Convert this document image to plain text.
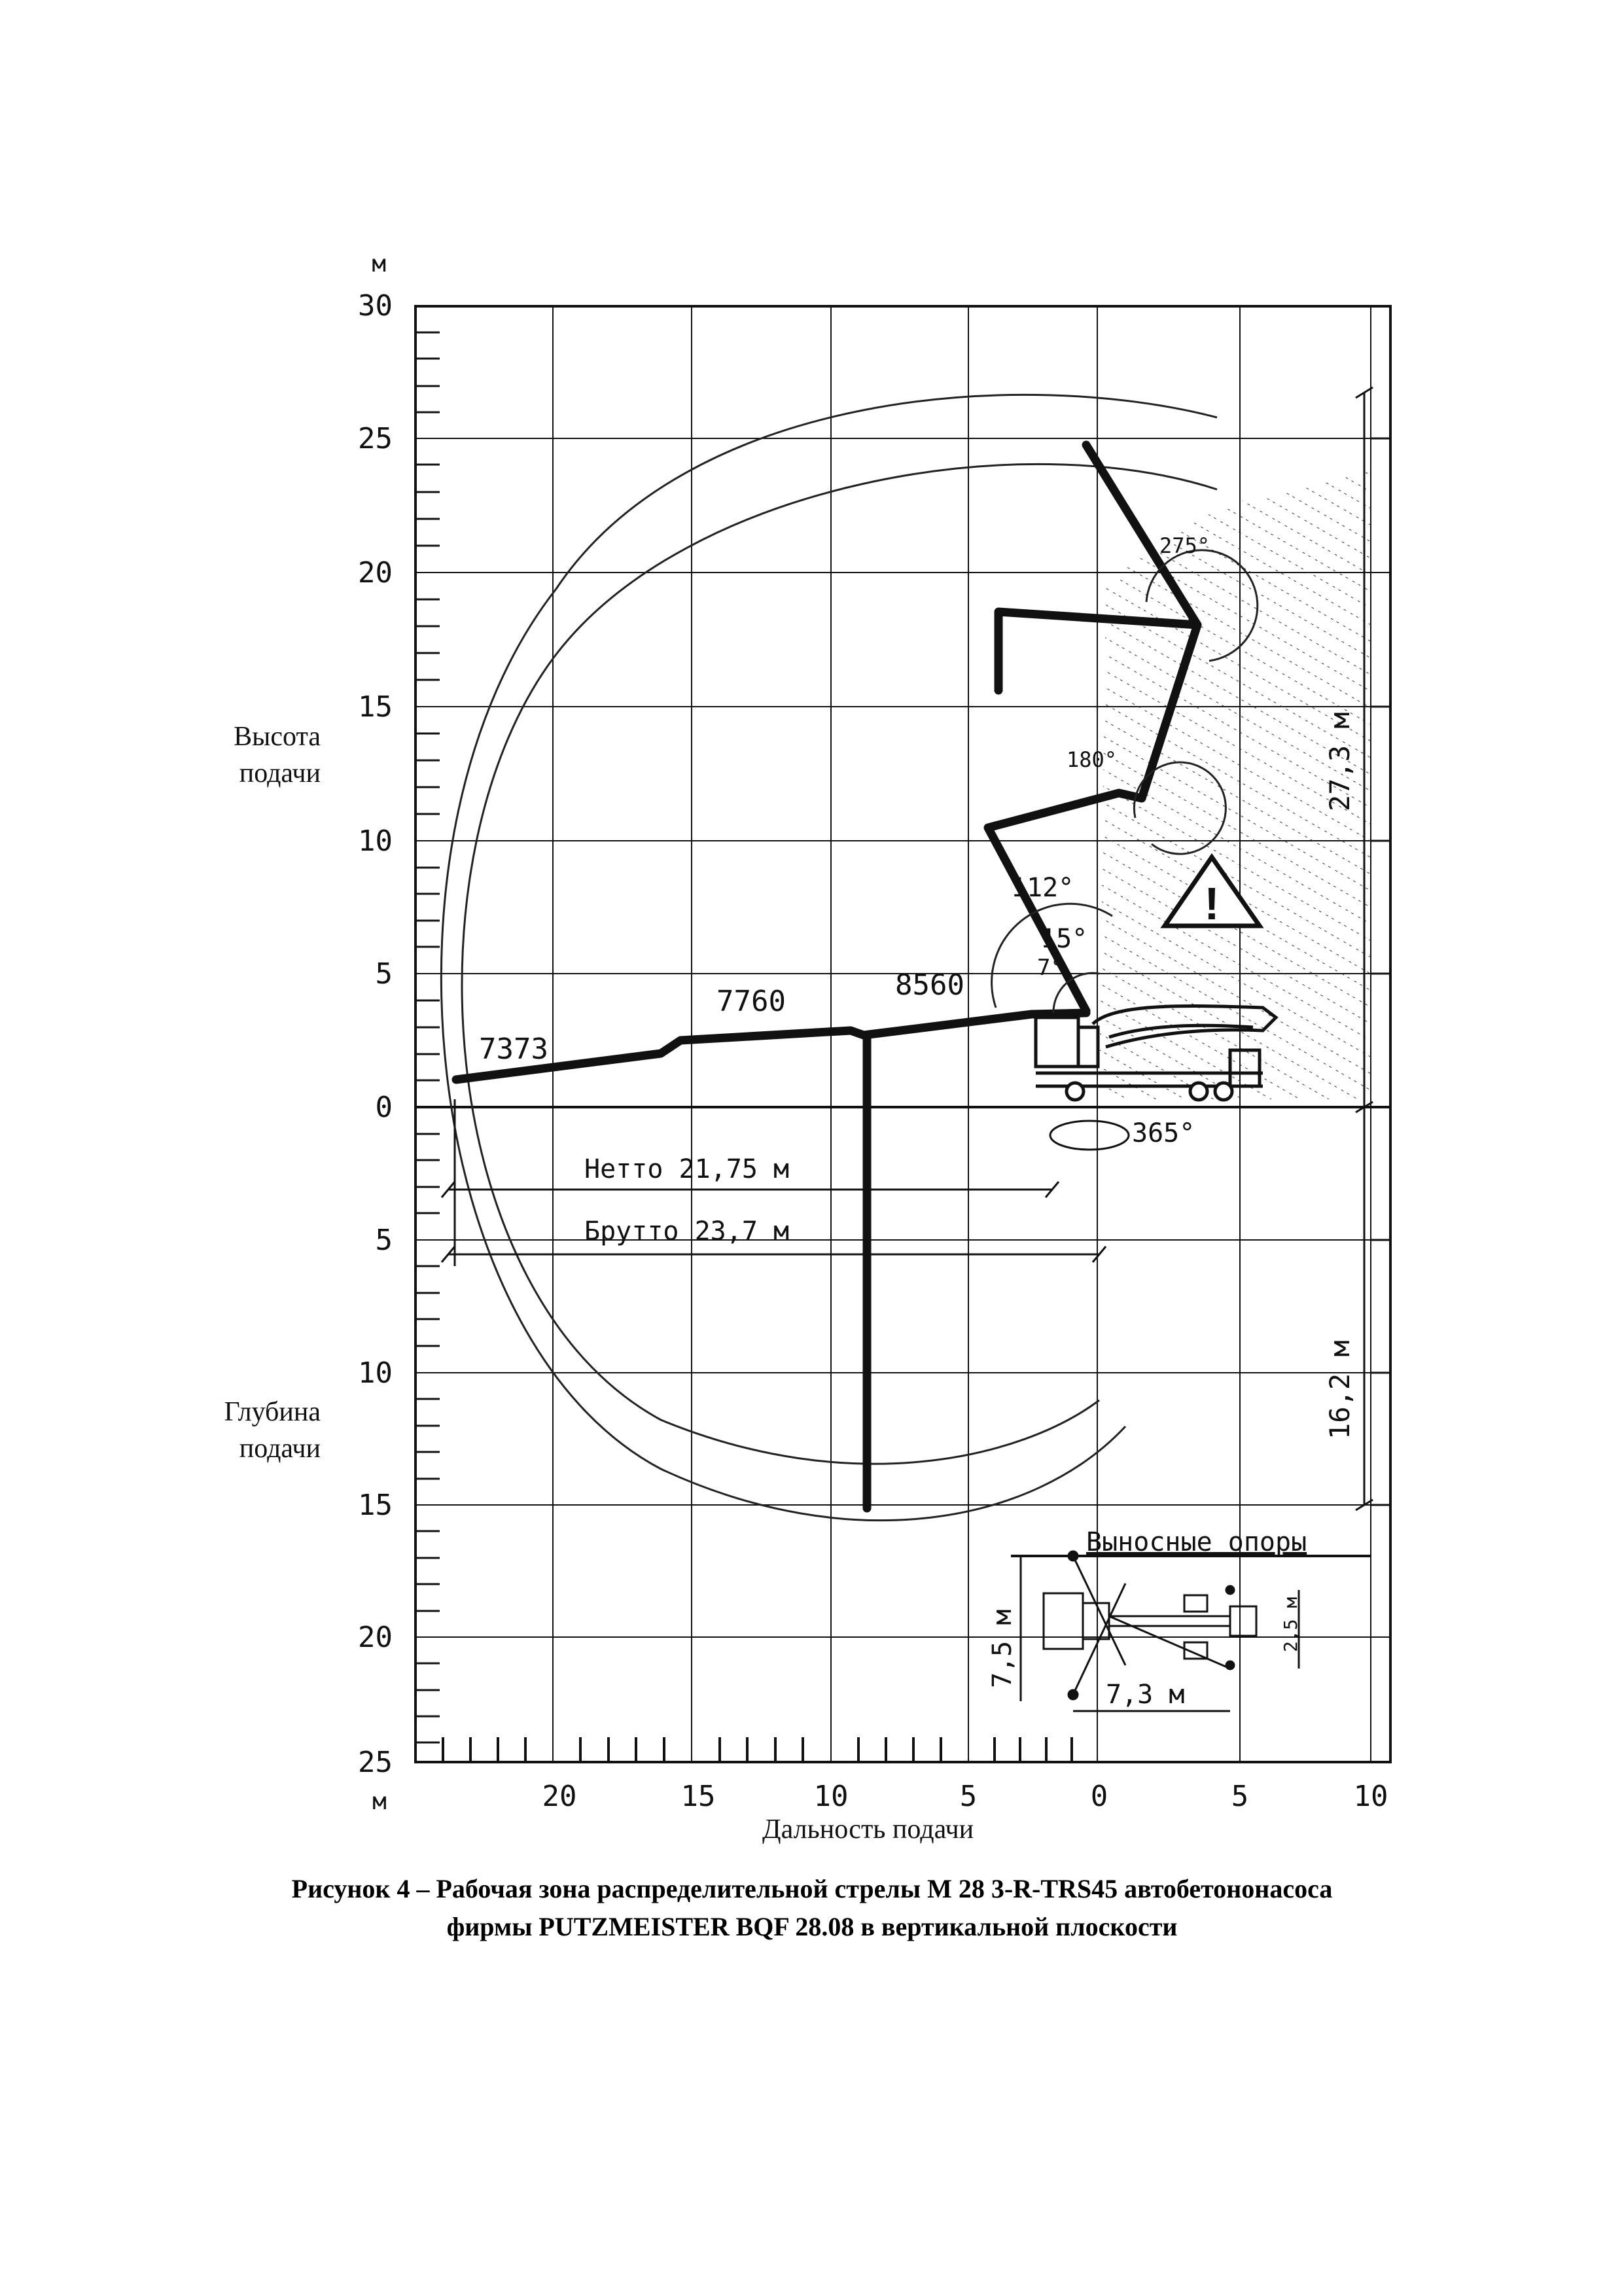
7373
7760	8560
275°
180°
112°
15°
7°
365°
!
Нетто 21,75 м
Брутто 23,7 м
27,3 м
16,2 м
Выносные опоры
7,5 м
7,3 м
2,5 м
м
30
25
20
15
10
5
0
5
10
15
20
25
м	20	15	10	5	0	5	10
Высота
подачи
Глубина
подачи
Дальность подачи
Рисунок 4 – Рабочая зона распределительной стрелы М 28 3-R-TRS45 автобетононасоса
фирмы PUTZMEISTER BQF 28.08 в вертикальной плоскости
